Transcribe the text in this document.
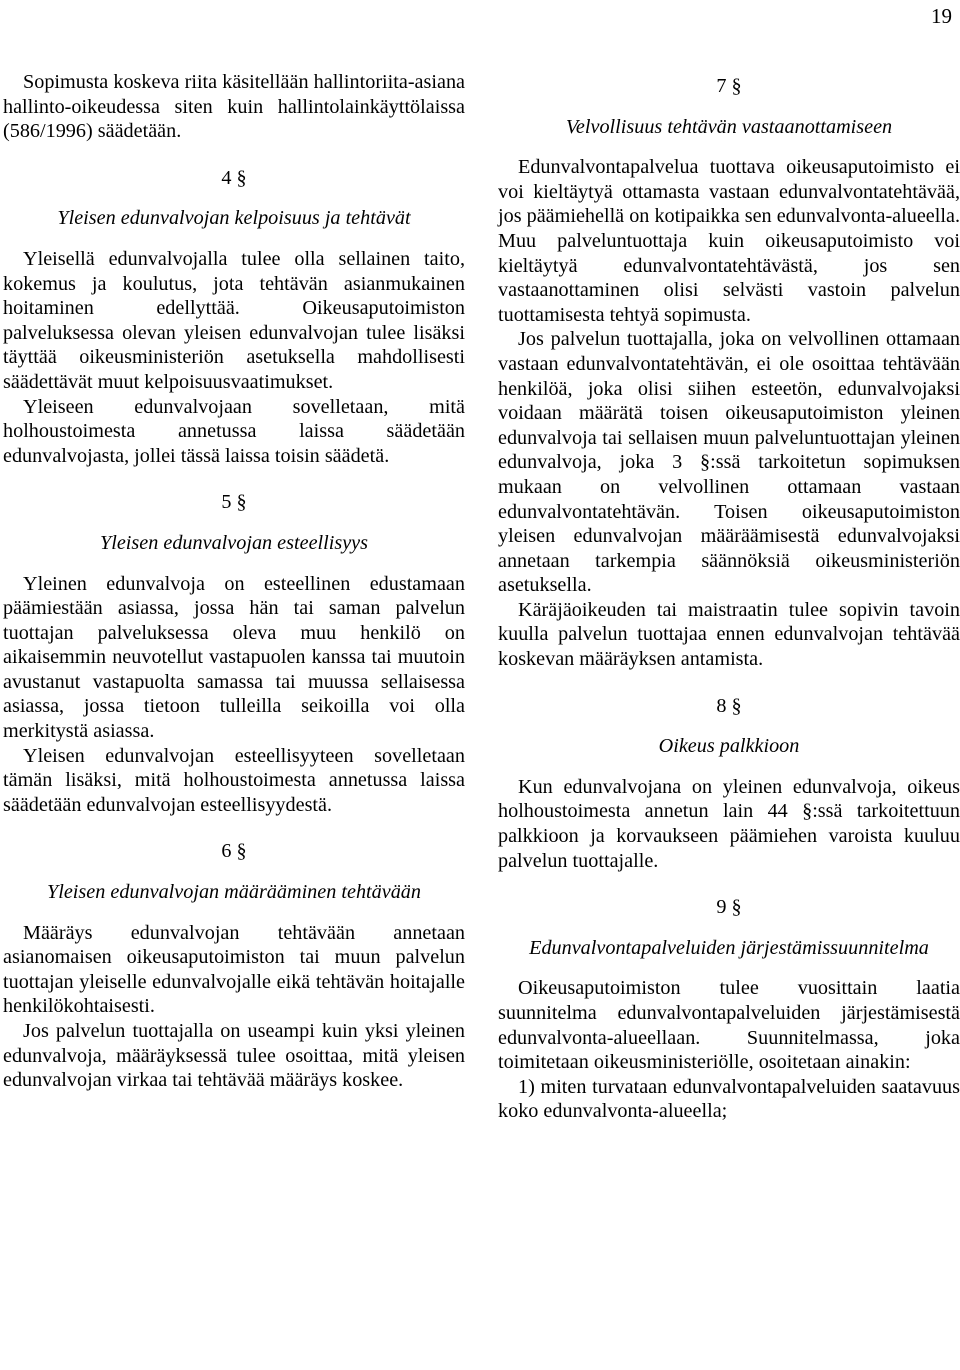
19

Sopimusta koskeva riita käsitellään hallintoriita-asiana hallinto-oikeudessa siten kuin hallintolainkäyttölaissa (586/1996) säädetään.

4 §
Yleisen edunvalvojan kelpoisuus ja tehtävät

Yleisellä edunvalvojalla tulee olla sellainen taito, kokemus ja koulutus, jota tehtävän asianmukainen hoitaminen edellyttää. Oikeusaputoimiston palveluksessa olevan yleisen edunvalvojan tulee lisäksi täyttää oikeusministeriön asetuksella mahdollisesti säädettävät muut kelpoisuusvaatimukset.

Yleiseen edunvalvojaan sovelletaan, mitä holhoustoimesta annetussa laissa säädetään edunvalvojasta, jollei tässä laissa toisin säädetä.

5 §
Yleisen edunvalvojan esteellisyys

Yleinen edunvalvoja on esteellinen edustamaan päämiestään asiassa, jossa hän tai saman palvelun tuottajan palveluksessa oleva muu henkilö on aikaisemmin neuvotellut vastapuolen kanssa tai muutoin avustanut vastapuolta samassa tai muussa sellaisessa asiassa, jossa tietoon tulleilla seikoilla voi olla merkitystä asiassa.

Yleisen edunvalvojan esteellisyyteen sovelletaan tämän lisäksi, mitä holhoustoimesta annetussa laissa säädetään edunvalvojan esteellisyydestä.

6 §
Yleisen edunvalvojan määrääminen tehtävään

Määräys edunvalvojan tehtävään annetaan asianomaisen oikeusaputoimiston tai muun palvelun tuottajan yleiselle edunvalvojalle eikä tehtävän hoitajalle henkilökohtaisesti.

Jos palvelun tuottajalla on useampi kuin yksi yleinen edunvalvoja, määräyksessä tulee osoittaa, mitä yleisen edunvalvojan virkaa tai tehtävää määräys koskee.

7 §
Velvollisuus tehtävän vastaanottamiseen

Edunvalvontapalvelua tuottava oikeusaputoimisto ei voi kieltäytyä ottamasta vastaan edunvalvontatehtävää, jos päämiehellä on kotipaikka sen edunvalvonta-alueella. Muu palveluntuottaja kuin oikeusaputoimisto voi kieltäytyä edunvalvontatehtävästä, jos sen vastaanottaminen olisi selvästi vastoin palvelun tuottamisesta tehtyä sopimusta.

Jos palvelun tuottajalla, joka on velvollinen ottamaan vastaan edunvalvontatehtävän, ei ole osoittaa tehtävään henkilöä, joka olisi siihen esteetön, edunvalvojaksi voidaan määrätä toisen oikeusaputoimiston yleinen edunvalvoja tai sellaisen muun palveluntuottajan yleinen edunvalvoja, joka 3 §:ssä tarkoitetun sopimuksen mukaan on velvollinen ottamaan vastaan edunvalvontatehtävän. Toisen oikeusaputoimiston yleisen edunvalvojan määräämisestä edunvalvojaksi annetaan tarkempia säännöksiä oikeusministeriön asetuksella.

Käräjäoikeuden tai maistraatin tulee sopivin tavoin kuulla palvelun tuottajaa ennen edunvalvojan tehtävää koskevan määräyksen antamista.

8 §
Oikeus palkkioon

Kun edunvalvojana on yleinen edunvalvoja, oikeus holhoustoimesta annetun lain 44 §:ssä tarkoitettuun palkkioon ja korvaukseen päämiehen varoista kuuluu palvelun tuottajalle.

9 §
Edunvalvontapalveluiden järjestämissuunnitelma

Oikeusaputoimiston tulee vuosittain laatia suunnitelma edunvalvontapalveluiden järjestämisestä edunvalvonta-alueellaan. Suunnitelmassa, joka toimitetaan oikeusministeriölle, osoitetaan ainakin:

1) miten turvataan edunvalvontapalveluiden saatavuus koko edunvalvonta-alueella;
